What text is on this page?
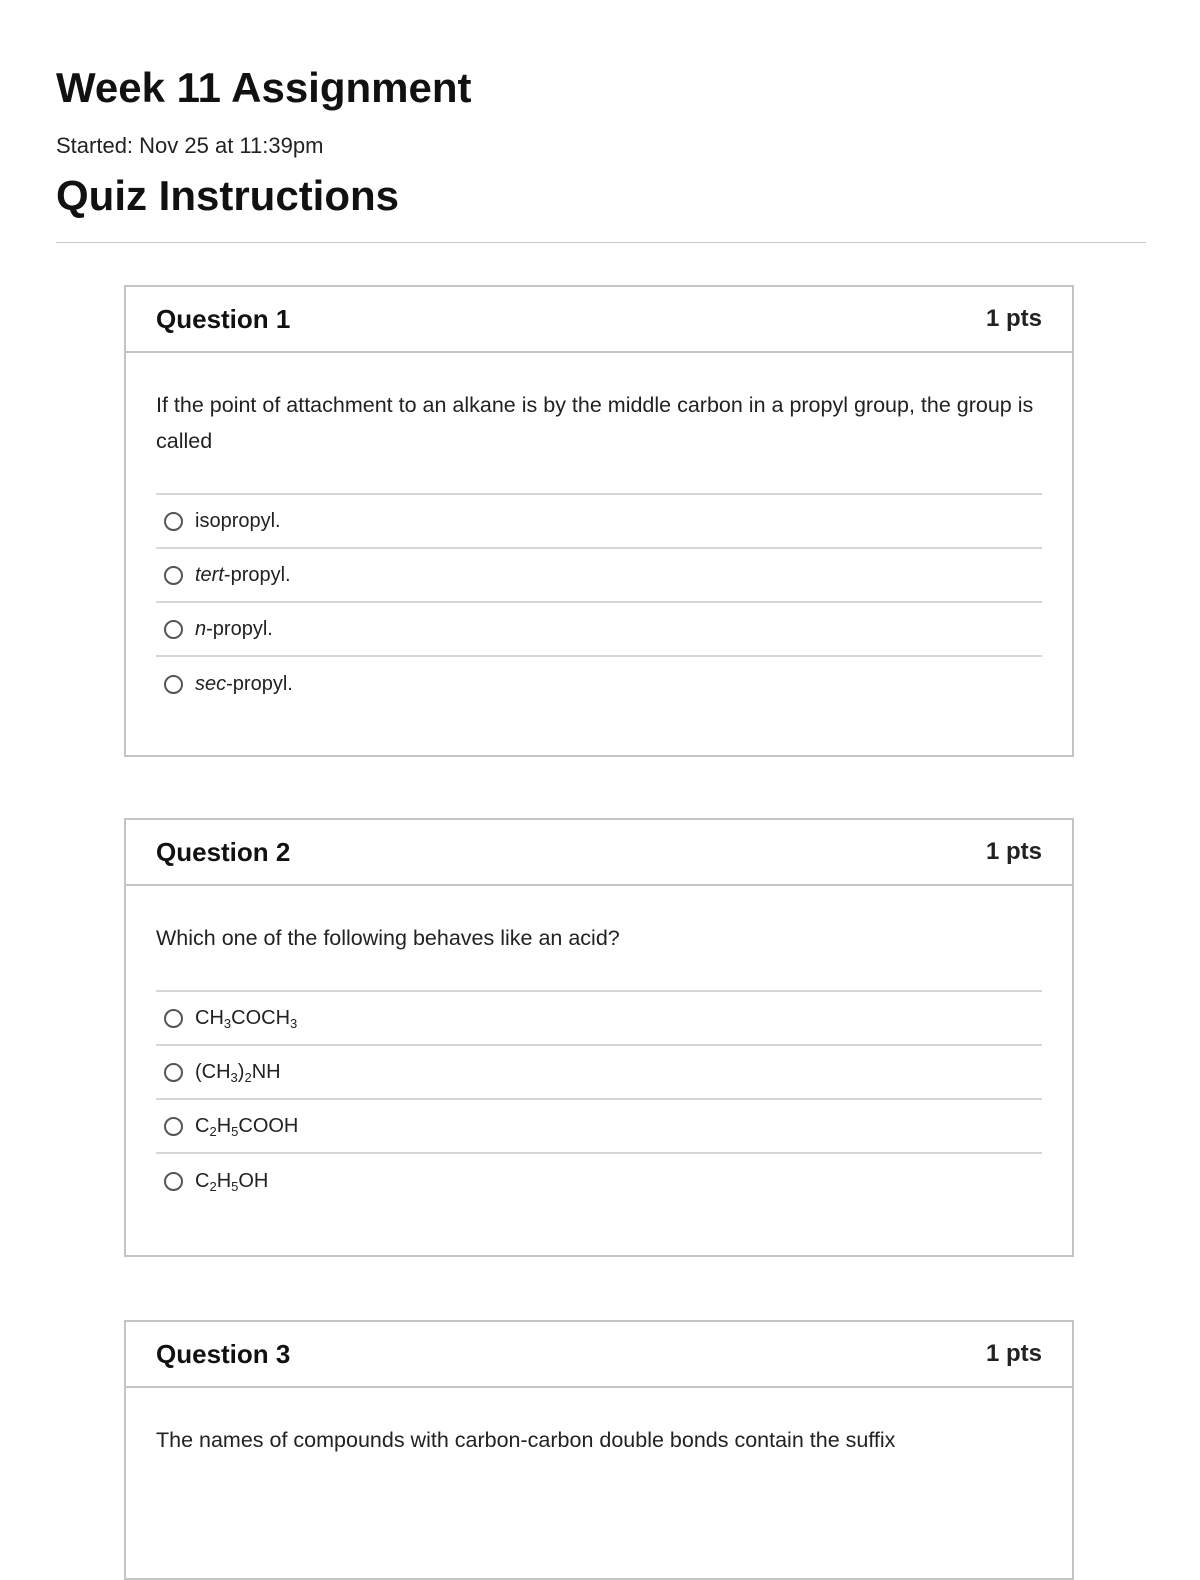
Week 11 Assignment
Started: Nov 25 at 11:39pm
Quiz Instructions
Question 1	1 pts

If the point of attachment to an alkane is by the middle carbon in a propyl group, the group is called

isopropyl.
tert -propyl.
n -propyl.
sec -propyl.
Question 2	1 pts

Which one of the following behaves like an acid?

$CH_3COCH_3$
$(CH_3)_2NH$
$C_2H_5COOH$
$C_2H_5OH$
Question 3	1 pts

The names of compounds with carbon-carbon double bonds contain the suffix
